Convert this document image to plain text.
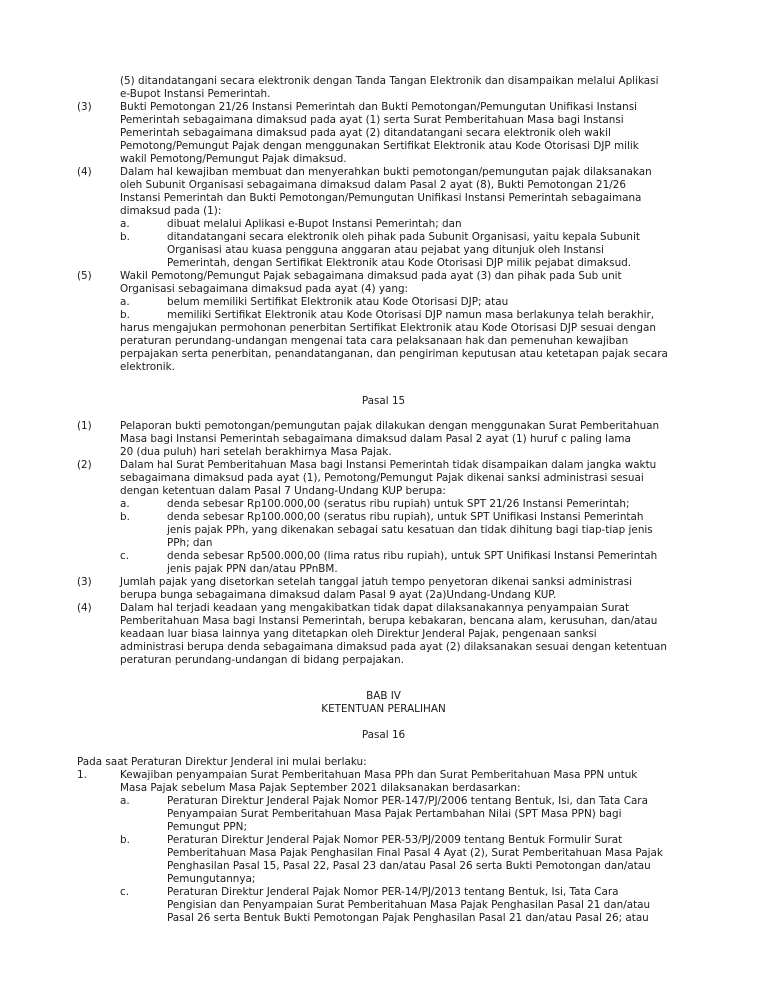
(5) ditandatangani secara elektronik dengan Tanda Tangan Elektronik dan disampaikan melalui Aplikasi
e-Bupot Instansi Pemerintah.
(3)	Bukti Pemotongan 21/26 Instansi Pemerintah dan Bukti Pemotongan/Pemungutan Unifikasi Instansi
Pemerintah sebagaimana dimaksud pada ayat (1) serta Surat Pemberitahuan Masa bagi Instansi
Pemerintah sebagaimana dimaksud pada ayat (2) ditandatangani secara elektronik oleh wakil
Pemotong/Pemungut Pajak dengan menggunakan Sertifikat Elektronik atau Kode Otorisasi DJP milik
wakil Pemotong/Pemungut Pajak dimaksud.
(4)	Dalam hal kewajiban membuat dan menyerahkan bukti pemotongan/pemungutan pajak dilaksanakan
oleh Subunit Organisasi sebagaimana dimaksud dalam Pasal 2 ayat (8), Bukti Pemotongan 21/26
Instansi Pemerintah dan Bukti Pemotongan/Pemungutan Unifikasi Instansi Pemerintah sebagaimana
dimaksud pada (1):
a.	dibuat melalui Aplikasi e-Bupot Instansi Pemerintah; dan
b.	ditandatangani secara elektronik oleh pihak pada Subunit Organisasi, yaitu kepala Subunit
Organisasi atau kuasa pengguna anggaran atau pejabat yang ditunjuk oleh Instansi
Pemerintah, dengan Sertifikat Elektronik atau Kode Otorisasi DJP milik pejabat dimaksud.
(5)	Wakil Pemotong/Pemungut Pajak sebagaimana dimaksud pada ayat (3) dan pihak pada Sub unit
Organisasi sebagaimana dimaksud pada ayat (4) yang:
a.	belum memiliki Sertifikat Elektronik atau Kode Otorisasi DJP; atau
b.	memiliki Sertifikat Elektronik atau Kode Otorisasi DJP namun masa berlakunya telah berakhir,
harus mengajukan permohonan penerbitan Sertifikat Elektronik atau Kode Otorisasi DJP sesuai dengan
peraturan perundang-undangan mengenai tata cara pelaksanaan hak dan pemenuhan kewajiban
perpajakan serta penerbitan, penandatanganan, dan pengiriman keputusan atau ketetapan pajak secara
elektronik.
Pasal 15
(1)	Pelaporan bukti pemotongan/pemungutan pajak dilakukan dengan menggunakan Surat Pemberitahuan
Masa bagi Instansi Pemerintah sebagaimana dimaksud dalam Pasal 2 ayat (1) huruf c paling lama
20 (dua puluh) hari setelah berakhirnya Masa Pajak.
(2)	Dalam hal Surat Pemberitahuan Masa bagi Instansi Pemerintah tidak disampaikan dalam jangka waktu
sebagaimana dimaksud pada ayat (1), Pemotong/Pemungut Pajak dikenai sanksi administrasi sesuai
dengan ketentuan dalam Pasal 7 Undang-Undang KUP berupa:
a.	denda sebesar Rp100.000,00 (seratus ribu rupiah) untuk SPT 21/26 Instansi Pemerintah;
b.	denda sebesar Rp100.000,00 (seratus ribu rupiah), untuk SPT Unifikasi Instansi Pemerintah
jenis pajak PPh, yang dikenakan sebagai satu kesatuan dan tidak dihitung bagi tiap-tiap jenis
PPh; dan
c.	denda sebesar Rp500.000,00 (lima ratus ribu rupiah), untuk SPT Unifikasi Instansi Pemerintah
jenis pajak PPN dan/atau PPnBM.
(3)	Jumlah pajak yang disetorkan setelah tanggal jatuh tempo penyetoran dikenai sanksi administrasi
berupa bunga sebagaimana dimaksud dalam Pasal 9 ayat (2a)Undang-Undang KUP.
(4)	Dalam hal terjadi keadaan yang mengakibatkan tidak dapat dilaksanakannya penyampaian Surat
Pemberitahuan Masa bagi Instansi Pemerintah, berupa kebakaran, bencana alam, kerusuhan, dan/atau
keadaan luar biasa lainnya yang ditetapkan oleh Direktur Jenderal Pajak, pengenaan sanksi
administrasi berupa denda sebagaimana dimaksud pada ayat (2) dilaksanakan sesuai dengan ketentuan
peraturan perundang-undangan di bidang perpajakan.
BAB IV
KETENTUAN PERALIHAN
Pasal 16
Pada saat Peraturan Direktur Jenderal ini mulai berlaku:
1.	Kewajiban penyampaian Surat Pemberitahuan Masa PPh dan Surat Pemberitahuan Masa PPN untuk
Masa Pajak sebelum Masa Pajak September 2021 dilaksanakan berdasarkan:
a.	Peraturan Direktur Jenderal Pajak Nomor PER-147/PJ/2006 tentang Bentuk, Isi, dan Tata Cara
Penyampaian Surat Pemberitahuan Masa Pajak Pertambahan Nilai (SPT Masa PPN) bagi
Pemungut PPN;
b.	Peraturan Direktur Jenderal Pajak Nomor PER-53/PJ/2009 tentang Bentuk Formulir Surat
Pemberitahuan Masa Pajak Penghasilan Final Pasal 4 Ayat (2), Surat Pemberitahuan Masa Pajak
Penghasilan Pasal 15, Pasal 22, Pasal 23 dan/atau Pasal 26 serta Bukti Pemotongan dan/atau
Pemungutannya;
c.	Peraturan Direktur Jenderal Pajak Nomor PER-14/PJ/2013 tentang Bentuk, Isi, Tata Cara
Pengisian dan Penyampaian Surat Pemberitahuan Masa Pajak Penghasilan Pasal 21 dan/atau
Pasal 26 serta Bentuk Bukti Pemotongan Pajak Penghasilan Pasal 21 dan/atau Pasal 26; atau
